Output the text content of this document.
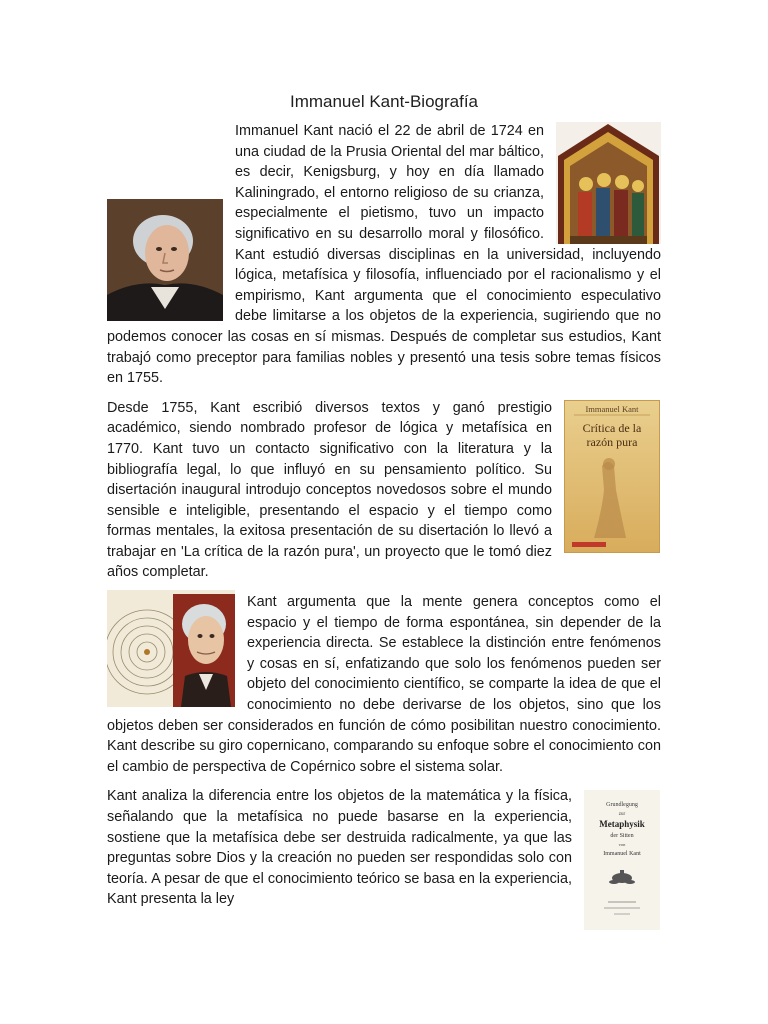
Immanuel Kant-Biografía
Immanuel Kant nació el 22 de abril de 1724 en una ciudad de la Prusia Oriental del mar báltico, es decir, Kenigsburg, y hoy en día llamado Kaliningrado, el entorno religioso de su crianza, especialmente el pietismo, tuvo un impacto significativo en su desarrollo moral y filosófico. Kant estudió diversas disciplinas en la universidad, incluyendo lógica, metafísica y filosofía, influenciado por el racionalismo y el empirismo, Kant argumenta que el conocimiento especulativo debe limitarse a los objetos de la experiencia, sugiriendo que no podemos conocer las cosas en sí mismas. Después de completar sus estudios, Kant trabajó como preceptor para familias nobles y presentó una tesis sobre temas físicos en 1755.
Immanuel Kant
Crítica de la
razón pura
Desde 1755, Kant escribió diversos textos y ganó prestigio académico, siendo nombrado profesor de lógica y metafísica en 1770. Kant tuvo un contacto significativo con la literatura y la bibliografía legal, lo que influyó en su pensamiento político. Su disertación inaugural introdujo conceptos novedosos sobre el mundo sensible e inteligible, presentando el espacio y el tiempo como formas mentales, la exitosa presentación de su disertación lo llevó a trabajar en 'La crítica de la razón pura', un proyecto que le tomó diez años completar.
Kant argumenta que la mente genera conceptos como el espacio y el tiempo de forma espontánea, sin depender de la experiencia directa. Se establece la distinción entre fenómenos y cosas en sí, enfatizando que solo los fenómenos pueden ser objeto del conocimiento científico, se comparte la idea de que el conocimiento no debe derivarse de los objetos, sino que los objetos deben ser considerados en función de cómo posibilitan nuestro conocimiento. Kant describe su giro copernicano, comparando su enfoque sobre el conocimiento con el cambio de perspectiva de Copérnico sobre el sistema solar.
Grundlegung
zur
Metaphysik
der Sitten
von
Immanuel Kant
Kant analiza la diferencia entre los objetos de la matemática y la física, señalando que la metafísica no puede basarse en la experiencia, sostiene que la metafísica debe ser destruida radicalmente, ya que las preguntas sobre Dios y la creación no pueden ser respondidas solo con teoría. A pesar de que el conocimiento teórico se basa en la experiencia, Kant presenta la ley
